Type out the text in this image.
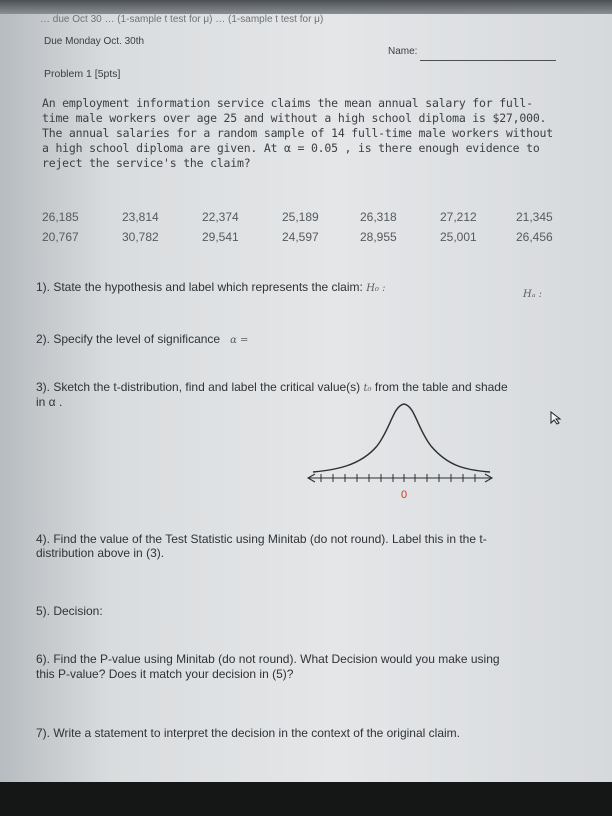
… due Oct 30 … (1-sample t test for μ) … (1-sample t test for μ)
Due Monday Oct. 30th
Name:
Problem 1 [5pts]
An employment information service claims the mean annual salary for full-
time male workers over age 25 and without a high school diploma is $27,000.
The annual salaries for a random sample of 14 full-time male workers without
a high school diploma are given. At α = 0.05 , is there enough evidence to
reject the service's the claim?
26,185	23,814	22,374	25,189	26,318	27,212	21,345
20,767	30,782	29,541	24,597	28,955	25,001	26,456
1). State the hypothesis and label which represents the claim: H₀ :
Hₐ :
2). Specify the level of significance α =
3). Sketch the t-distribution, find and label the critical value(s) t₀ from the table and shade
in α .
0
4). Find the value of the Test Statistic using Minitab (do not round). Label this in the t-
distribution above in (3).
5). Decision:
6). Find the P-value using Minitab (do not round). What Decision would you make using
this P-value? Does it match your decision in (5)?
7). Write a statement to interpret the decision in the context of the original claim.
